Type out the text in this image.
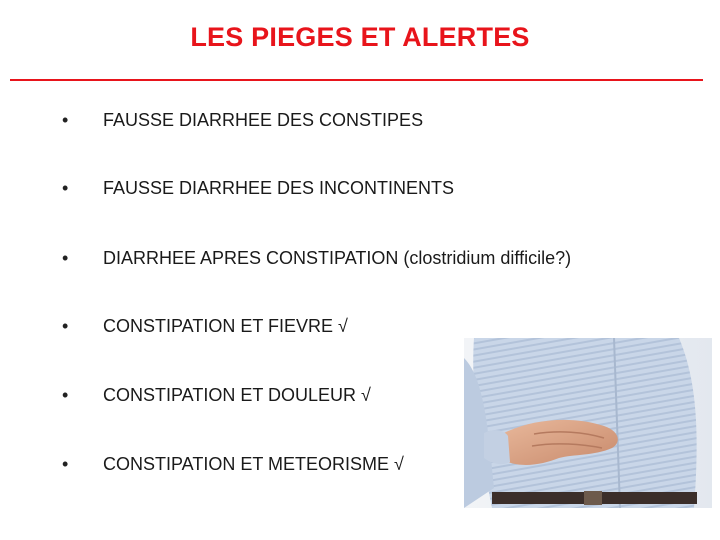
LES PIEGES ET ALERTES
• FAUSSE DIARRHEE DES CONSTIPES
• FAUSSE DIARRHEE DES INCONTINENTS
• DIARRHEE APRES CONSTIPATION (clostridium difficile?)
• CONSTIPATION ET FIEVRE √
• CONSTIPATION ET DOULEUR √
• CONSTIPATION ET METEORISME √
